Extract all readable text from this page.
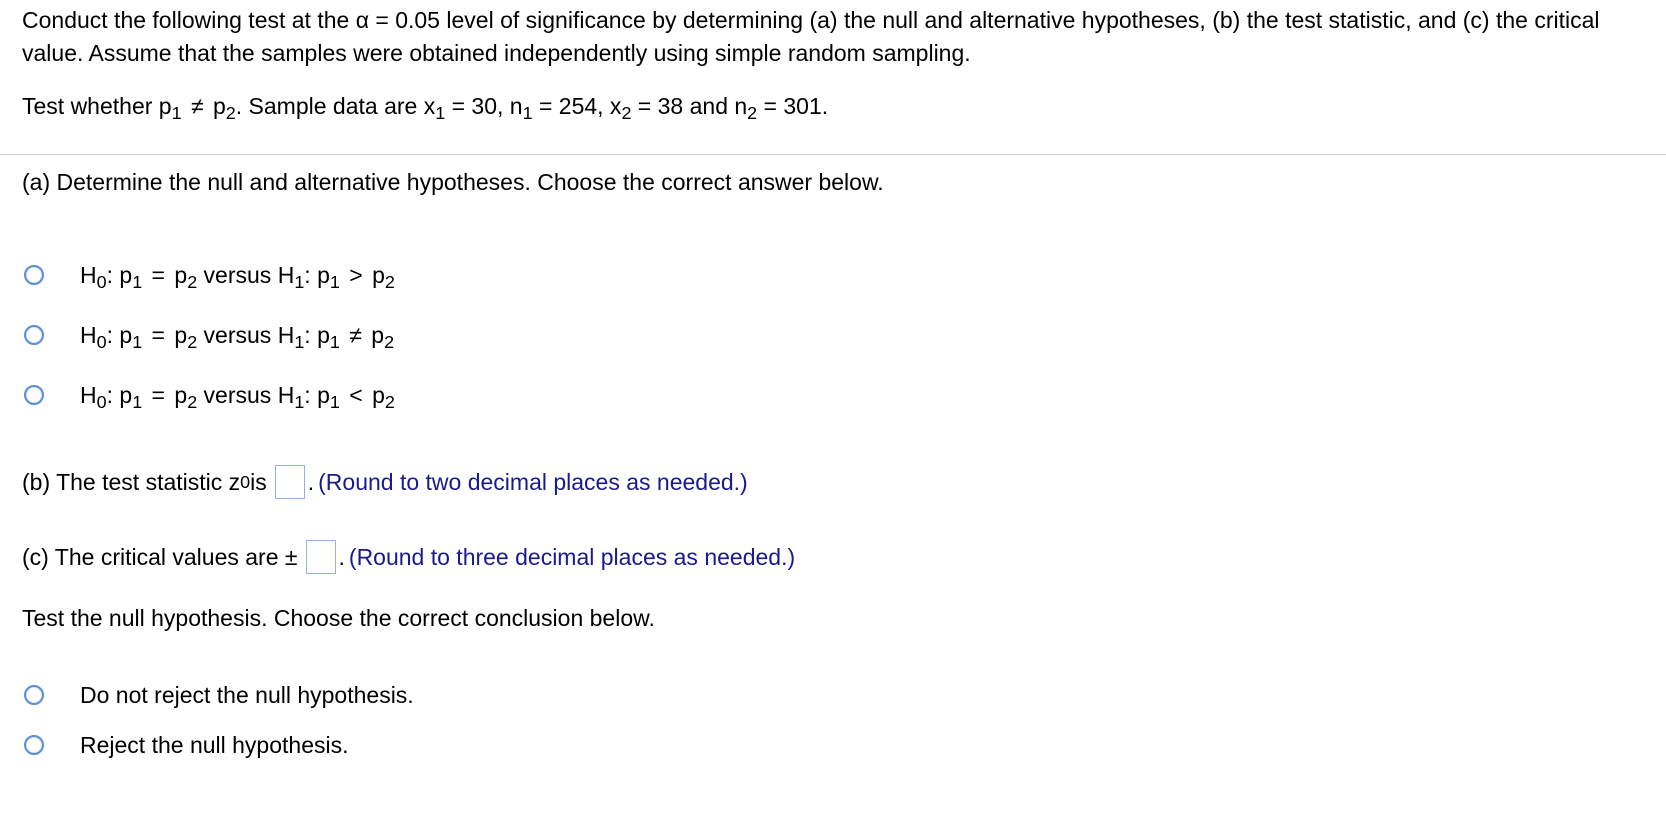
Conduct the following test at the α = 0.05 level of significance by determining (a) the null and alternative hypotheses, (b) the test statistic, and (c) the critical value. Assume that the samples were obtained independently using simple random sampling.
Test whether $p_1 \ne p_2$. Sample data are $x_1 = 30$, $n_1 = 254$, $x_2 = 38$ and $n_2 = 301$.
(a) Determine the null and alternative hypotheses. Choose the correct answer below.
$H_0$: $p_1 = p_2$ versus $H_1$: $p_1 > p_2$
$H_0$: $p_1 = p_2$ versus $H_1$: $p_1 \ne p_2$
$H_0$: $p_1 = p_2$ versus $H_1$: $p_1 < p_2$
(b) The test statistic z 0 is . (Round to two decimal places as needed.)
(c) The critical values are ± . (Round to three decimal places as needed.)
Test the null hypothesis. Choose the correct conclusion below.
Do not reject the null hypothesis.
Reject the null hypothesis.
